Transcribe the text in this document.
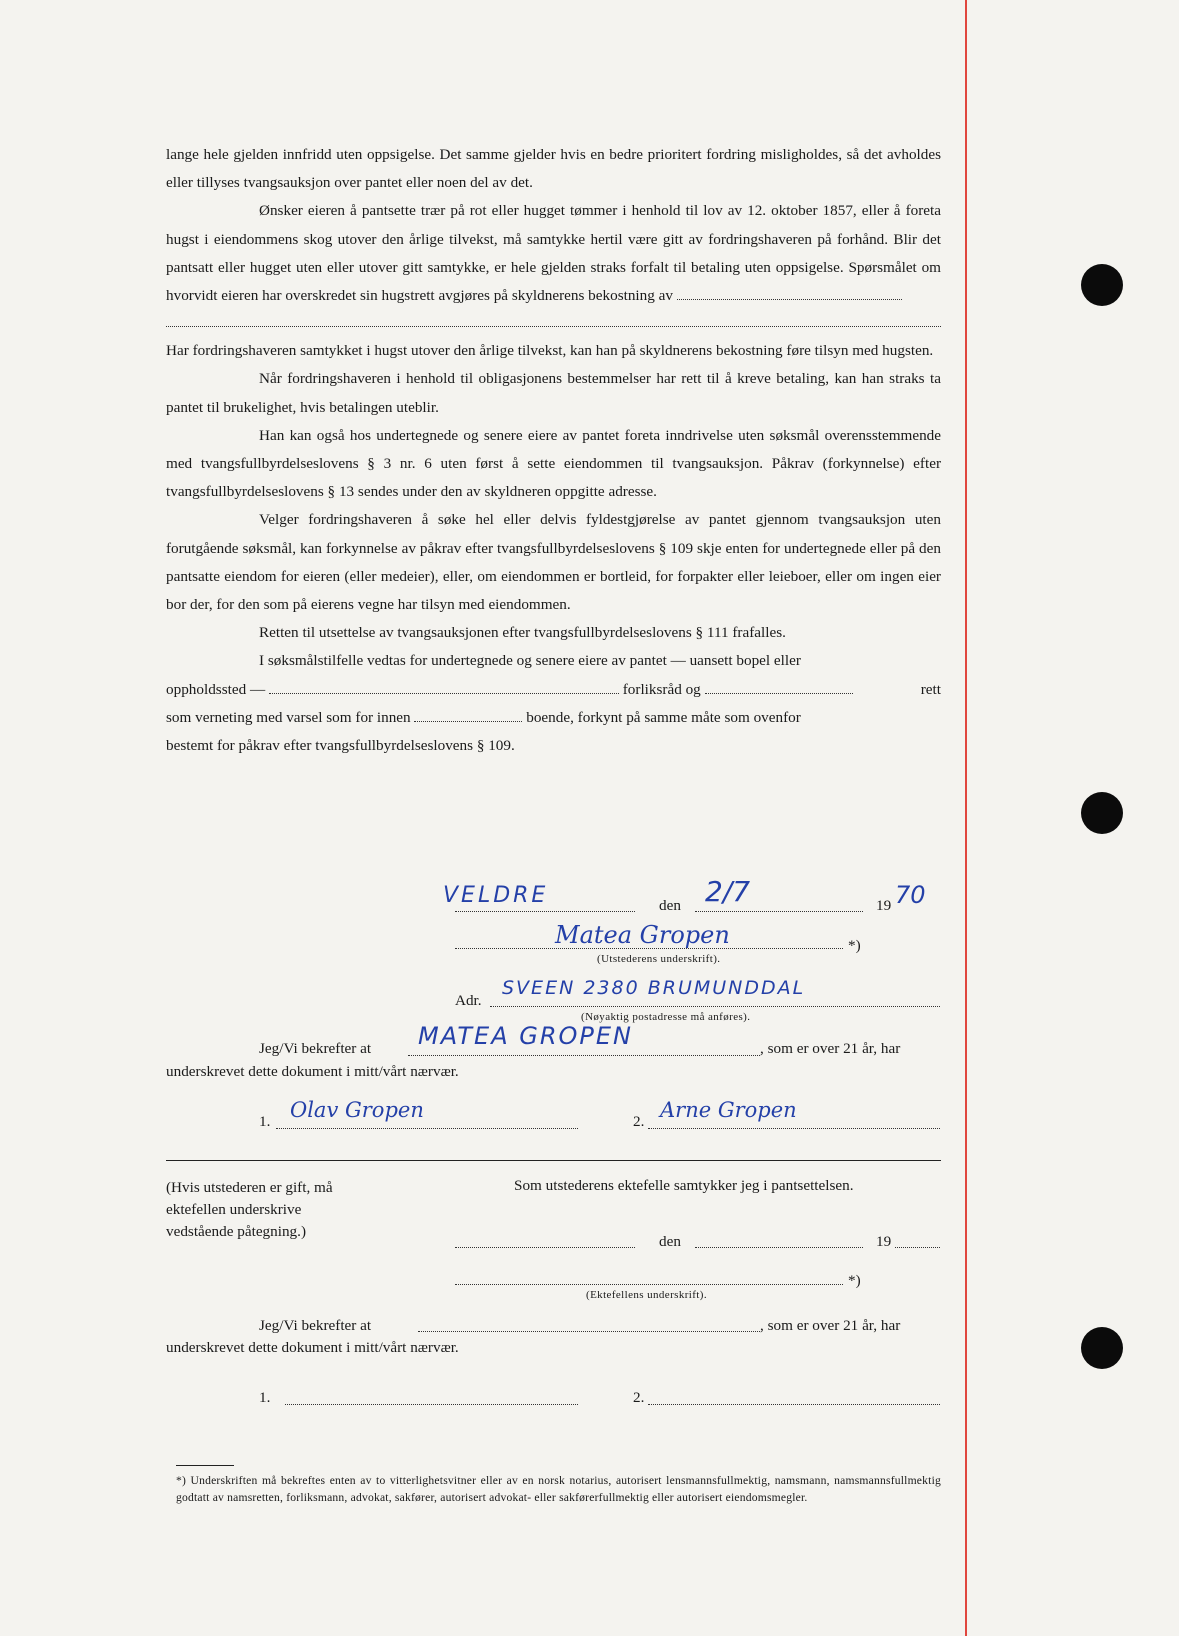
lange hele gjelden innfridd uten oppsigelse. Det samme gjelder hvis en bedre prioritert fordring misligholdes, så det avholdes eller tillyses tvangsauksjon over pantet eller noen del av det.

Ønsker eieren å pantsette trær på rot eller hugget tømmer i henhold til lov av 12. oktober 1857, eller å foreta hugst i eiendommens skog utover den årlige tilvekst, må samtykke hertil være gitt av fordringshaveren på forhånd. Blir det pantsatt eller hugget uten eller utover gitt samtykke, er hele gjelden straks forfalt til betaling uten oppsigelse. Spørsmålet om hvorvidt eieren har overskredet sin hugstrett avgjøres på skyldnerens bekostning av

Har fordringshaveren samtykket i hugst utover den årlige tilvekst, kan han på skyldnerens bekostning føre tilsyn med hugsten.

Når fordringshaveren i henhold til obligasjonens bestemmelser har rett til å kreve betaling, kan han straks ta pantet til brukelighet, hvis betalingen uteblir.

Han kan også hos undertegnede og senere eiere av pantet foreta inndrivelse uten søksmål overensstemmende med tvangsfullbyrdelseslovens § 3 nr. 6 uten først å sette eiendommen til tvangsauksjon. Påkrav (forkynnelse) efter tvangsfullbyrdelseslovens § 13 sendes under den av skyldneren oppgitte adresse.

Velger fordringshaveren å søke hel eller delvis fyldestgjørelse av pantet gjennom tvangsauksjon uten forutgående søksmål, kan forkynnelse av påkrav efter tvangsfullbyrdelseslovens § 109 skje enten for undertegnede eller på den pantsatte eiendom for eieren (eller medeier), eller, om eiendommen er bortleid, for forpakter eller leieboer, eller om ingen eier bor der, for den som på eierens vegne har tilsyn med eiendommen.

Retten til utsettelse av tvangsauksjonen efter tvangsfullbyrdelseslovens § 111 frafalles.

I søksmålstilfelle vedtas for undertegnede og senere eiere av pantet — uansett bopel eller

oppholdssted —	forliksråd og	rett

som verneting med varsel som for innen	boende, forkynt på samme måte som ovenfor

bestemt for påkrav efter tvangsfullbyrdelseslovens § 109.

VELDRE	den 2/7	19 70
Matea Gropen	*)
(Utstederens underskrift).
Adr.
SVEEN 2380 BRUMUNDDAL
(Nøyaktig postadresse må anføres).
Jeg/Vi bekrefter at MATEA GROPEN	, som er over 21 år, har
underskrevet dette dokument i mitt/vårt nærvær.
1. Olav Gropen	2. Arne Gropen
(Hvis utstederen er gift, må ektefellen underskrive vedstående påtegning.)
Som utstederens ektefelle samtykker jeg i pantsettelsen.
den	19
*)
(Ektefellens underskrift).
Jeg/Vi bekrefter at	, som er over 21 år, har
underskrevet dette dokument i mitt/vårt nærvær.
1.	2.
*) Underskriften må bekreftes enten av to vitterlighetsvitner eller av en norsk notarius, autorisert lensmannsfullmektig, namsmann, namsmannsfullmektig godtatt av namsretten, forliksmann, advokat, sakfører, autorisert advokat- eller sakførerfullmektig eller autorisert eiendomsmegler.
